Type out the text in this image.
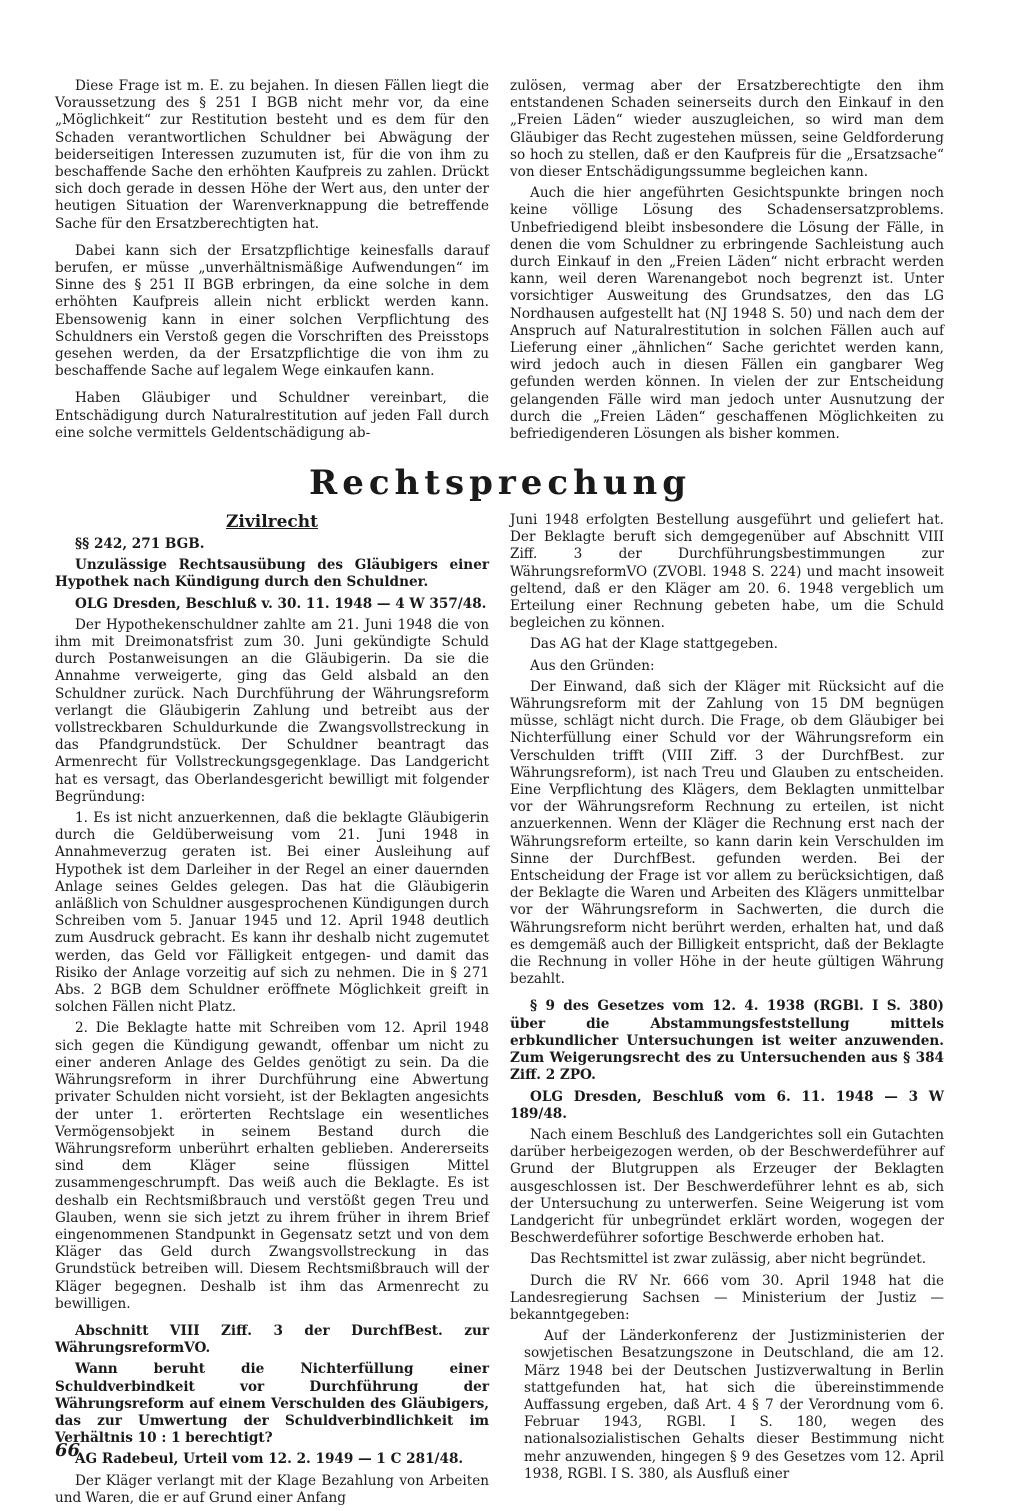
Diese Frage ist m. E. zu bejahen. In diesen Fällen liegt die Voraussetzung des § 251 I BGB nicht mehr vor, da eine „Möglichkeit“ zur Restitution besteht und es dem für den Schaden verantwortlichen Schuldner bei Abwägung der beiderseitigen Interessen zuzumuten ist, für die von ihm zu beschaffende Sache den erhöhten Kaufpreis zu zahlen. Drückt sich doch gerade in dessen Höhe der Wert aus, den unter der heutigen Situation der Warenverknappung die betreffende Sache für den Ersatzberechtigten hat.

Dabei kann sich der Ersatzpflichtige keinesfalls darauf berufen, er müsse „unverhältnismäßige Aufwendungen“ im Sinne des § 251 II BGB erbringen, da eine solche in dem erhöhten Kaufpreis allein nicht erblickt werden kann. Ebensowenig kann in einer solchen Verpflichtung des Schuldners ein Verstoß gegen die Vorschriften des Preisstops gesehen werden, da der Ersatzpflichtige die von ihm zu beschaffende Sache auf legalem Wege einkaufen kann.

Haben Gläubiger und Schuldner vereinbart, die Entschädigung durch Naturalrestitution auf jeden Fall durch eine solche vermittels Geldentschädigung ab-

zulösen, vermag aber der Ersatzberechtigte den ihm entstandenen Schaden seinerseits durch den Einkauf in den „Freien Läden“ wieder auszugleichen, so wird man dem Gläubiger das Recht zugestehen müssen, seine Geldforderung so hoch zu stellen, daß er den Kaufpreis für die „Ersatzsache“ von dieser Entschädigungssumme begleichen kann.

Auch die hier angeführten Gesichtspunkte bringen noch keine völlige Lösung des Schadensersatzproblems. Unbefriedigend bleibt insbesondere die Lösung der Fälle, in denen die vom Schuldner zu erbringende Sachleistung auch durch Einkauf in den „Freien Läden“ nicht erbracht werden kann, weil deren Warenangebot noch begrenzt ist. Unter vorsichtiger Ausweitung des Grundsatzes, den das LG Nordhausen aufgestellt hat (NJ 1948 S. 50) und nach dem der Anspruch auf Naturalrestitution in solchen Fällen auch auf Lieferung einer „ähnlichen“ Sache gerichtet werden kann, wird jedoch auch in diesen Fällen ein gangbarer Weg gefunden werden können. In vielen der zur Entscheidung gelangenden Fälle wird man jedoch unter Ausnutzung der durch die „Freien Läden“ geschaffenen Möglichkeiten zu befriedigenderen Lösungen als bisher kommen.

Rechtsprechung
Zivilrecht

§§ 242, 271 BGB.

Unzulässige Rechtsausübung des Gläubigers einer Hypothek nach Kündigung durch den Schuldner.

OLG Dresden, Beschluß v. 30. 11. 1948 — 4 W 357/48.

Der Hypothekenschuldner zahlte am 21. Juni 1948 die von ihm mit Dreimonatsfrist zum 30. Juni gekündigte Schuld durch Postanweisungen an die Gläubigerin. Da sie die Annahme verweigerte, ging das Geld alsbald an den Schuldner zurück. Nach Durchführung der Währungsreform verlangt die Gläubigerin Zahlung und betreibt aus der vollstreckbaren Schuldurkunde die Zwangsvollstreckung in das Pfandgrundstück. Der Schuldner beantragt das Armenrecht für Vollstreckungsgegenklage. Das Landgericht hat es versagt, das Oberlandesgericht bewilligt mit folgender Begründung:

1. Es ist nicht anzuerkennen, daß die beklagte Gläubigerin durch die Geldüberweisung vom 21. Juni 1948 in Annahmeverzug geraten ist. Bei einer Ausleihung auf Hypothek ist dem Darleiher in der Regel an einer dauernden Anlage seines Geldes gelegen. Das hat die Gläubigerin anläßlich von Schuldner ausgesprochenen Kündigungen durch Schreiben vom 5. Januar 1945 und 12. April 1948 deutlich zum Ausdruck gebracht. Es kann ihr deshalb nicht zugemutet werden, das Geld vor Fälligkeit entgegen- und damit das Risiko der Anlage vorzeitig auf sich zu nehmen. Die in § 271 Abs. 2 BGB dem Schuldner eröffnete Möglichkeit greift in solchen Fällen nicht Platz.

2. Die Beklagte hatte mit Schreiben vom 12. April 1948 sich gegen die Kündigung gewandt, offenbar um nicht zu einer anderen Anlage des Geldes genötigt zu sein. Da die Währungsreform in ihrer Durchführung eine Abwertung privater Schulden nicht vorsieht, ist der Beklagten angesichts der unter 1. erörterten Rechtslage ein wesentliches Vermögensobjekt in seinem Bestand durch die Währungsreform unberührt erhalten geblieben. Andererseits sind dem Kläger seine flüssigen Mittel zusammengeschrumpft. Das weiß auch die Beklagte. Es ist deshalb ein Rechtsmißbrauch und verstößt gegen Treu und Glauben, wenn sie sich jetzt zu ihrem früher in ihrem Brief eingenommenen Standpunkt in Gegensatz setzt und von dem Kläger das Geld durch Zwangsvollstreckung in das Grundstück betreiben will. Diesem Rechtsmißbrauch will der Kläger begegnen. Deshalb ist ihm das Armenrecht zu bewilligen.

Abschnitt VIII Ziff. 3 der DurchfBest. zur WährungsreformVO.

Wann beruht die Nichterfüllung einer Schuldverbindkeit vor Durchführung der Währungsreform auf einem Verschulden des Gläubigers, das zur Umwertung der Schuldverbindlichkeit im Verhältnis 10 : 1 berechtigt?

AG Radebeul, Urteil vom 12. 2. 1949 — 1 C 281/48.

Der Kläger verlangt mit der Klage Bezahlung von Arbeiten und Waren, die er auf Grund einer Anfang

Juni 1948 erfolgten Bestellung ausgeführt und geliefert hat. Der Beklagte beruft sich demgegenüber auf Abschnitt VIII Ziff. 3 der Durchführungsbestimmungen zur WährungsreformVO (ZVOBl. 1948 S. 224) und macht insoweit geltend, daß er den Kläger am 20. 6. 1948 vergeblich um Erteilung einer Rechnung gebeten habe, um die Schuld begleichen zu können.

Das AG hat der Klage stattgegeben.

Aus den Gründen:

Der Einwand, daß sich der Kläger mit Rücksicht auf die Währungsreform mit der Zahlung von 15 DM begnügen müsse, schlägt nicht durch. Die Frage, ob dem Gläubiger bei Nichterfüllung einer Schuld vor der Währungsreform ein Verschulden trifft (VIII Ziff. 3 der DurchfBest. zur Währungsreform), ist nach Treu und Glauben zu entscheiden. Eine Verpflichtung des Klägers, dem Beklagten unmittelbar vor der Währungsreform Rechnung zu erteilen, ist nicht anzuerkennen. Wenn der Kläger die Rechnung erst nach der Währungsreform erteilte, so kann darin kein Verschulden im Sinne der DurchfBest. gefunden werden. Bei der Entscheidung der Frage ist vor allem zu berücksichtigen, daß der Beklagte die Waren und Arbeiten des Klägers unmittelbar vor der Währungsreform in Sachwerten, die durch die Währungsreform nicht berührt werden, erhalten hat, und daß es demgemäß auch der Billigkeit entspricht, daß der Beklagte die Rechnung in voller Höhe in der heute gültigen Währung bezahlt.

§ 9 des Gesetzes vom 12. 4. 1938 (RGBl. I S. 380) über die Abstammungsfeststellung mittels erbkundlicher Untersuchungen ist weiter anzuwenden. Zum Weigerungsrecht des zu Untersuchenden aus § 384 Ziff. 2 ZPO.

OLG Dresden, Beschluß vom 6. 11. 1948 — 3 W 189/48.

Nach einem Beschluß des Landgerichtes soll ein Gutachten darüber herbeigezogen werden, ob der Beschwerdeführer auf Grund der Blutgruppen als Erzeuger der Beklagten ausgeschlossen ist. Der Beschwerdeführer lehnt es ab, sich der Untersuchung zu unterwerfen. Seine Weigerung ist vom Landgericht für unbegründet erklärt worden, wogegen der Beschwerdeführer sofortige Beschwerde erhoben hat.

Das Rechtsmittel ist zwar zulässig, aber nicht begründet.

Durch die RV Nr. 666 vom 30. April 1948 hat die Landesregierung Sachsen — Ministerium der Justiz — bekanntgegeben:

Auf der Länderkonferenz der Justizministerien der sowjetischen Besatzungszone in Deutschland, die am 12. März 1948 bei der Deutschen Justizverwaltung in Berlin stattgefunden hat, hat sich die übereinstimmende Auffassung ergeben, daß Art. 4 § 7 der Verordnung vom 6. Februar 1943, RGBl. I S. 180, wegen des nationalsozialistischen Gehalts dieser Bestimmung nicht mehr anzuwenden, hingegen § 9 des Gesetzes vom 12. April 1938, RGBl. I S. 380, als Ausfluß einer

66
